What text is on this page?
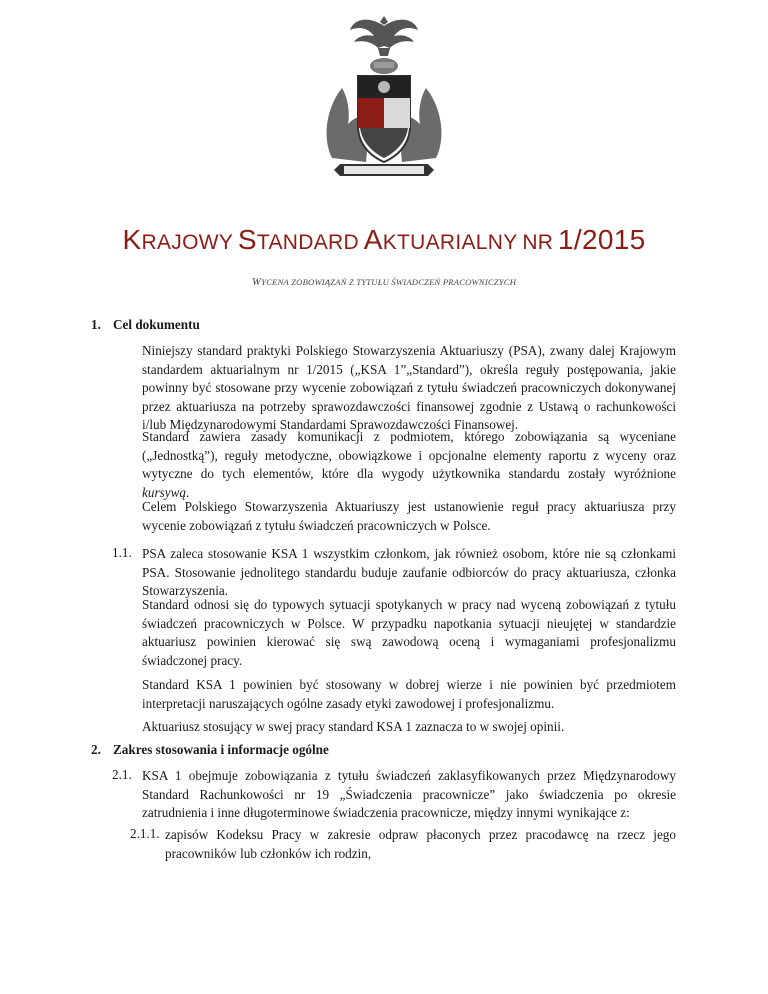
KRAJOWY STANDARD AKTUARIALNY NR 1/2015
WYCENA ZOBOWIĄZAŃ Z TYTUŁU ŚWIADCZEŃ PRACOWNICZYCH
1. Cel dokumentu
Niniejszy standard praktyki Polskiego Stowarzyszenia Aktuariuszy (PSA), zwany dalej Krajowym standardem aktuarialnym nr 1/2015 („KSA 1”„Standard”), określa reguły postępowania, jakie powinny być stosowane przy wycenie zobowiązań z tytułu świadczeń pracowniczych dokonywanej przez aktuariusza na potrzeby sprawozdawczości finansowej zgodnie z Ustawą o rachunkowości i/lub Międzynarodowymi Standardami Sprawozdawczości Finansowej.
Standard zawiera zasady komunikacji z podmiotem, którego zobowiązania są wyceniane („Jednostką”), reguły metodyczne, obowiązkowe i opcjonalne elementy raportu z wyceny oraz wytyczne do tych elementów, które dla wygody użytkownika standardu zostały wyróżnione kursywą.
Celem Polskiego Stowarzyszenia Aktuariuszy jest ustanowienie reguł pracy aktuariusza przy wycenie zobowiązań z tytułu świadczeń pracowniczych w Polsce.
1.1. PSA zaleca stosowanie KSA 1 wszystkim członkom, jak również osobom, które nie są członkami PSA. Stosowanie jednolitego standardu buduje zaufanie odbiorców do pracy aktuariusza, członka Stowarzyszenia.
Standard odnosi się do typowych sytuacji spotykanych w pracy nad wyceną zobowiązań z tytułu świadczeń pracowniczych w Polsce. W przypadku napotkania sytuacji nieujętej w standardzie aktuariusz powinien kierować się swą zawodową oceną i wymaganiami profesjonalizmu świadczonej pracy.
Standard KSA 1 powinien być stosowany w dobrej wierze i nie powinien być przedmiotem interpretacji naruszających ogólne zasady etyki zawodowej i profesjonalizmu.
Aktuariusz stosujący w swej pracy standard KSA 1 zaznacza to w swojej opinii.
2. Zakres stosowania i informacje ogólne
2.1. KSA 1 obejmuje zobowiązania z tytułu świadczeń zaklasyfikowanych przez Międzynarodowy Standard Rachunkowości nr 19 „Świadczenia pracownicze” jako świadczenia po okresie zatrudnienia i inne długoterminowe świadczenia pracownicze, między innymi wynikające z:
2.1.1. zapisów Kodeksu Pracy w zakresie odpraw płaconych przez pracodawcę na rzecz jego pracowników lub członków ich rodzin,
